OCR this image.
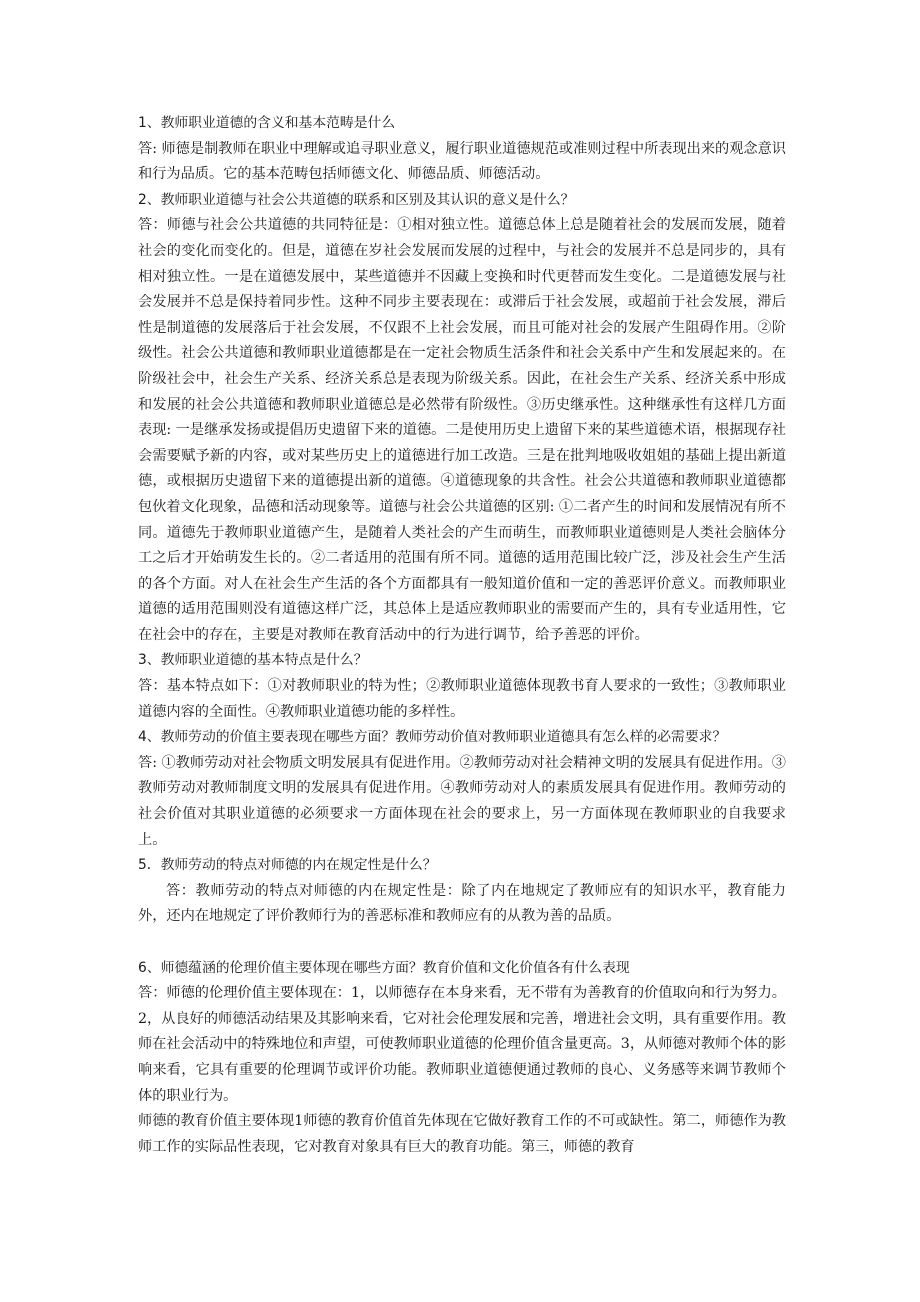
1、教师职业道德的含义和基本范畴是什么

答: 师德是制教师在职业中理解或追寻职业意义，履行职业道德规范或准则过程中所表现出来的观念意识和行为品质。它的基本范畴包括师德文化、师德品质、师德活动。

2、教师职业道德与社会公共道德的联系和区别及其认识的意义是什么？

答：师德与社会公共道德的共同特征是：①相对独立性。道德总体上总是随着社会的发展而发展，随着社会的变化而变化的。但是，道德在岁社会发展而发展的过程中，与社会的发展并不总是同步的，具有相对独立性。一是在道德发展中，某些道德并不因藏上变换和时代更替而发生变化。二是道德发展与社会发展并不总是保持着同步性。这种不同步主要表现在：或滞后于社会发展，或超前于社会发展，滞后性是制道德的发展落后于社会发展，不仅跟不上社会发展，而且可能对社会的发展产生阻碍作用。②阶级性。社会公共道德和教师职业道德都是在一定社会物质生活条件和社会关系中产生和发展起来的。在阶级社会中，社会生产关系、经济关系总是表现为阶级关系。因此，在社会生产关系、经济关系中形成和发展的社会公共道德和教师职业道德总是必然带有阶级性。③历史继承性。这种继承性有这样几方面表现: 一是继承发扬或提倡历史遗留下来的道德。二是使用历史上遗留下来的某些道德术语，根据现存社会需要赋予新的内容，或对某些历史上的道德进行加工改造。三是在批判地吸收姐姐的基础上提出新道德，或根据历史遗留下来的道德提出新的道德。④道德现象的共含性。社会公共道德和教师职业道德都包伙着文化现象，品德和活动现象等。道德与社会公共道德的区别: ①二者产生的时间和发展情况有所不同。道德先于教师职业道德产生，是随着人类社会的产生而萌生，而教师职业道德则是人类社会脑体分工之后才开始萌发生长的。②二者适用的范围有所不同。道德的适用范围比较广泛，涉及社会生产生活的各个方面。对人在社会生产生活的各个方面都具有一般知道价值和一定的善恶评价意义。而教师职业道德的适用范围则没有道德这样广泛，其总体上是适应教师职业的需要而产生的，具有专业适用性，它在社会中的存在，主要是对教师在教育活动中的行为进行调节，给予善恶的评价。

3、教师职业道德的基本特点是什么？

答：基本特点如下：①对教师职业的特为性；②教师职业道德体现教书育人要求的一致性；③教师职业道德内容的全面性。④教师职业道德功能的多样性。

4、教师劳动的价值主要表现在哪些方面？教师劳动价值对教师职业道德具有怎么样的必需要求？

答: ①教师劳动对社会物质文明发展具有促进作用。②教师劳动对社会精神文明的发展具有促进作用。③教师劳动对教师制度文明的发展具有促进作用。④教师劳动对人的素质发展具有促进作用。教师劳动的社会价值对其职业道德的必须要求一方面体现在社会的要求上，另一方面体现在教师职业的自我要求上。

5．教师劳动的特点对师德的内在规定性是什么？

答：教师劳动的特点对师德的内在规定性是：除了内在地规定了教师应有的知识水平，教育能力外，还内在地规定了评价教师行为的善恶标准和教师应有的从教为善的品质。

6、师德蕴涵的伦理价值主要体现在哪些方面？教育价值和文化价值各有什么表现

答：师德的伦理价值主要体现在：1，以师德存在本身来看，无不带有为善教育的价值取向和行为努力。2，从良好的师德活动结果及其影响来看，它对社会伦理发展和完善，增进社会文明，具有重要作用。教师在社会活动中的特殊地位和声望，可使教师职业道德的伦理价值含量更高。3，从师德对教师个体的影响来看，它具有重要的伦理调节或评价功能。教师职业道德便通过教师的良心、义务感等来调节教师个体的职业行为。

师德的教育价值主要体现1师德的教育价值首先体现在它做好教育工作的不可或缺性。第二，师德作为教师工作的实际品性表现，它对教育对象具有巨大的教育功能。第三，师德的教育
